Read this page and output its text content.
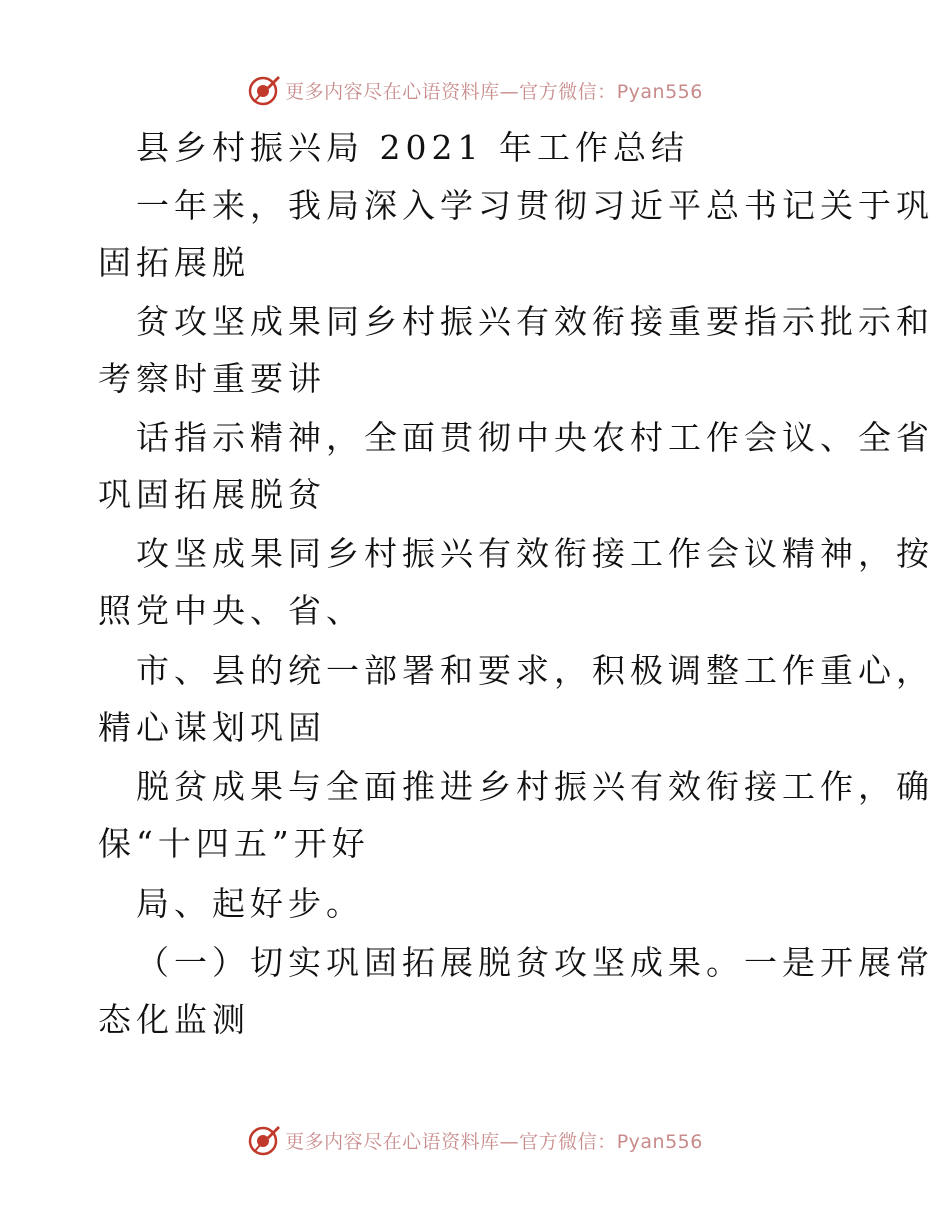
更多内容尽在心语资料库—官方微信：Pyan556
县乡村振兴局 2021 年工作总结
一年来，我局深入学习贯彻习近平总书记关于巩
固拓展脱
贫攻坚成果同乡村振兴有效衔接重要指示批示和
考察时重要讲
话指示精神，全面贯彻中央农村工作会议、全省
巩固拓展脱贫
攻坚成果同乡村振兴有效衔接工作会议精神，按
照党中央、省、
市、县的统一部署和要求，积极调整工作重心，
精心谋划巩固
脱贫成果与全面推进乡村振兴有效衔接工作，确
保“十四五”开好
局、起好步。
（一）切实巩固拓展脱贫攻坚成果。一是开展常
态化监测
更多内容尽在心语资料库—官方微信：Pyan556
